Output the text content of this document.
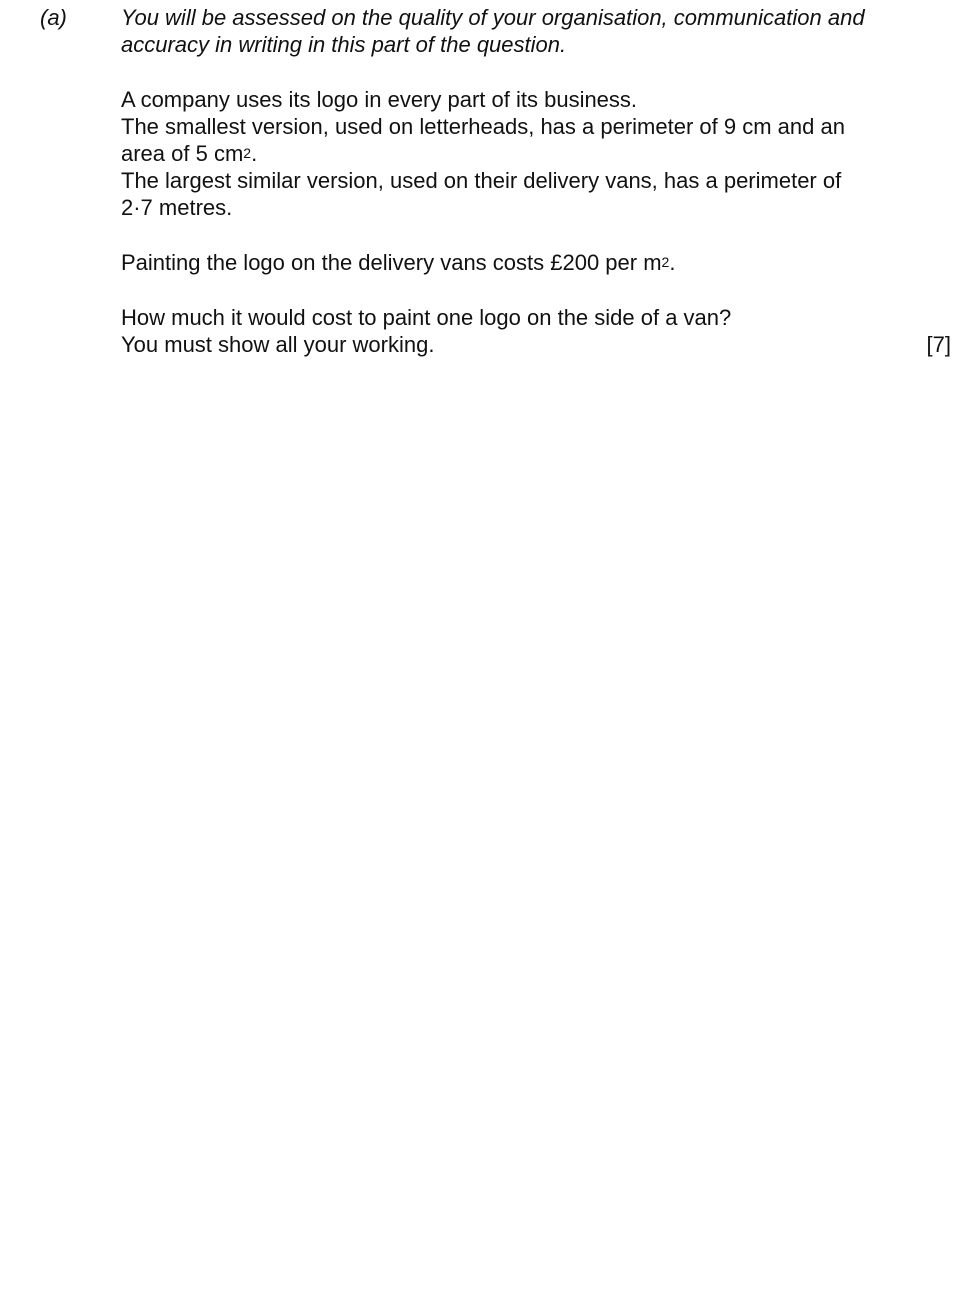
(a) You will be assessed on the quality of your organisation, communication and
accuracy in writing in this part of the question.
A company uses its logo in every part of its business.
The smallest version, used on letterheads, has a perimeter of 9 cm and an
area of 5 $cm^2$.
The largest similar version, used on their delivery vans, has a perimeter of
2·7 metres.
Painting the logo on the delivery vans costs £200 per $m^2$.
How much it would cost to paint one logo on the side of a van?
You must show all your working.	[7]
